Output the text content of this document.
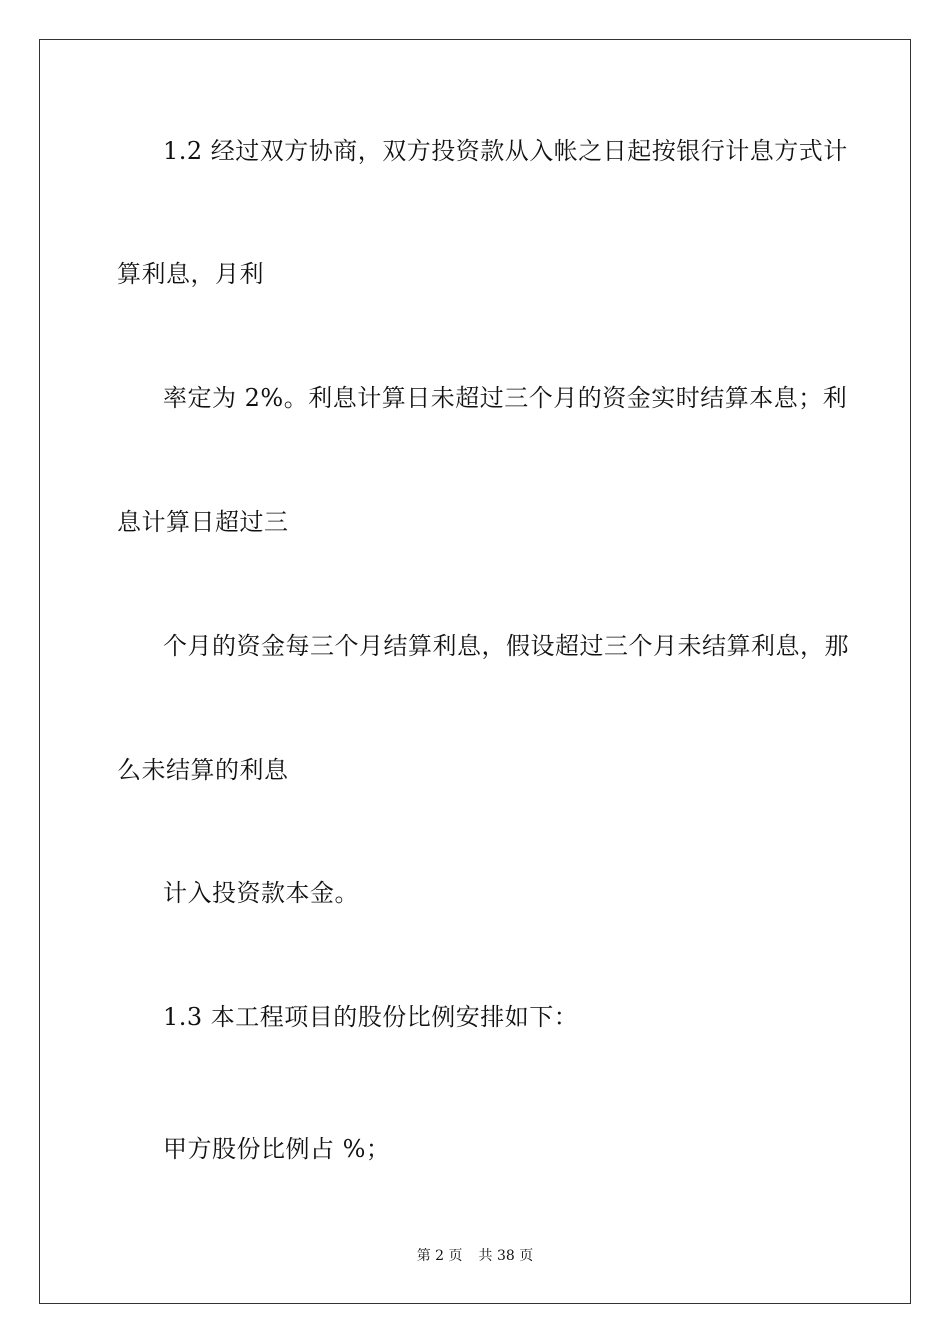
1.2 经过双方协商，双方投资款从入帐之日起按银行计息方式计
算利息，月利
率定为 2%。利息计算日未超过三个月的资金实时结算本息；利
息计算日超过三
个月的资金每三个月结算利息，假设超过三个月未结算利息，那
么未结算的利息
计入投资款本金。
1.3 本工程项目的股份比例安排如下：
甲方股份比例占 %；
第 2 页 共 38 页
